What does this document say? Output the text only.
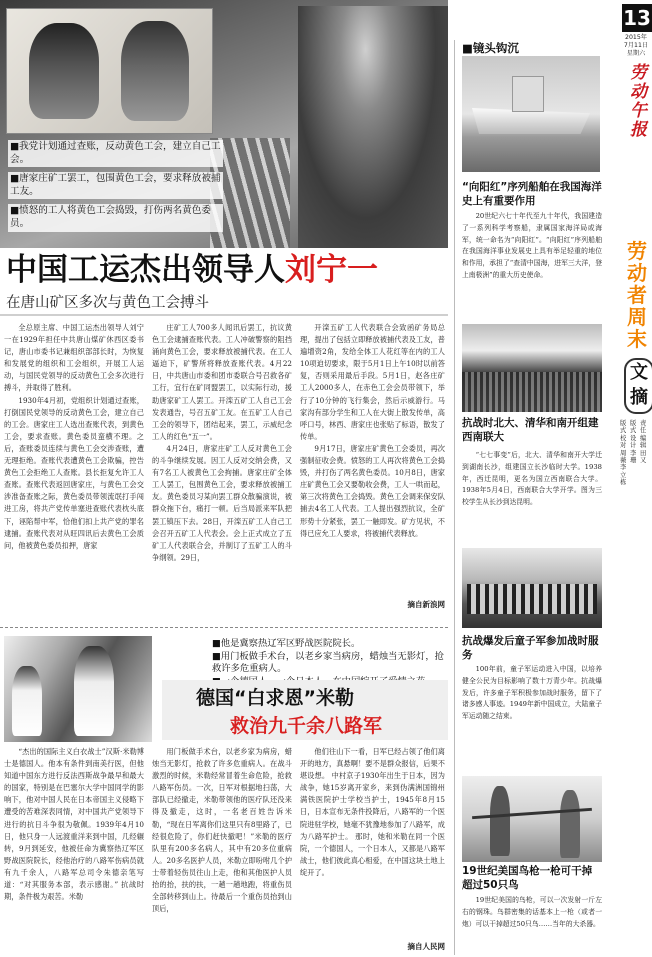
■我党计划通过查账，反动黄色工会，建立自己工会。
■唐家庄矿工罢工，包围黄色工会，要求释放被捕工友。
■愤怒的工人将黄色工会捣毁，打伤两名黄色委员。
中国工运杰出领导人刘宁一
在唐山矿区多次与黄色工会搏斗

全总原主席、中国工运杰出领导人刘宁一在1929年担任中共唐山煤矿休西区委书记，唐山市委书记兼组织部部长时，为恢复和发展党的组织和工会组织，开展工人运动，与国民党领导的反动黄色工会多次进行搏斗，并取得了胜利。

1930年4月初，党组织计划通过查账，打倒国民党领导的反动黄色工会，建立自己的工会。唐家庄工人选出查账代表，到黄色工会，要求查账。黄色委员蛮横不理。之后，查账委员连续与黄色工会交涉查账，遭无理拒绝。查账代表遭黄色工会欺骗，控告黄色工会拒绝工人查账。县长拒复允许工人查账。查账代表返回唐家庄，与黄色工会交涉准备查账之际，黄色委员带领流氓打手闯进工房，将共产党传单塞进查账代表枕头底下，诬陷帮中军，恰他们扣上共产党的罪名逮捕。查账代表对从旺四讯后去黄色工会质问，他被黄色委员扣押，唐家

庄矿工人700多人闻讯后罢工，抗议黄色工会逮捕查账代表。工人冲破警察的阻挡涌向黄色工会，要求释放被捕代表。在工人逼迫下，矿警所将释放查账代表。4月22日，中共唐山市委和团市委联合号召救各矿工行，宜行在矿同盟罢工，以实际行动，援助唐家矿工人罢工。开滦五矿工人自己工会发表通告，号召五矿工友。在五矿工人自己工会的领导下，团结起来，罢工，示威纪念工人的红色“五一”。

4月24日，唐家庄矿工人反对黄色工会的斗争继续发展。因工人反对交纳会费，又有7名工人被黄色工会拘捕。唐家庄矿全体工人罢工，包围黄色工会，要求释放被捕工友。黄色委员习某向罢工群众散骗演说，被群众拖下台，痛打一顿。后当局派来军队把罢工镇压下去。28日，开滦五矿工人自己工会召开五矿工人代表会。会上正式成立了五矿工人代表联合会，并制订了五矿工人的斗争纲领。29日，

开滦五矿工人代表联合会致函矿务局总理，提出了包括立即释放被捕代表及工友，普遍增资2角，发给全体工人花红等在内的工人10项迫切要求，限于5月1日上午10时以前答复，否则采用最后手段。5月1日，赵各庄矿工人2000多人，在赤色工会会员带领下，举行了10分钟的飞行集会，然后示威游行。马家沟有部分学生和工人在大街上散发传单，高呼口号，林西、唐家庄也张贴了标语，散发了传单。

9月17日，唐家庄矿黄色工会委员，再次强制征收会费。愤怒的工人再次将黄色工会捣毁，并打伤了两名黄色委员。10月8日，唐家庄矿黄色工会又要勒收会费，工人一哄而起，第三次将黄色工会捣毁。黄色工会调来保安队捕去4名工人代表。工人提出强烈抗议，全矿形势十分紧张，罢工一触即发。矿方见状，不得已应允工人要求，将被捕代表释放。

摘自新浪网
■他是冀察热辽军区野战医院院长。
■用门板做手术台，以老乡家当病房，蜡烛当无影灯，抢救许多危重病人。
德国“白求恩”米勒
救治九千余八路军

“杰出的国际主义白衣战士”汉斯·米勒博士是德国人。他本有条件到南美行医，但他知道中国东方进行反法西斯战争最早和最大的国家，特别是在巴塞尔大学中国同学的影响下，他对中国人民在日本帝国主义侵略下遭受的苦难深表同情，对中国共产党领导下进行的抗日斗争很为敬佩。1939年4月10日，他只身一人远渡重洋来到中国，几经辗转，9月到延安，他被任命为冀察热辽军区野战医院院长，经他治疗的八路军伤病员就有九千余人，八路军总司令朱德亲笔写道：“对其服务本部，表示感谢。” 抗战时期，条件极为艰苦。米勒

用门板做手术台，以老乡家为病房，蜡烛当无影灯，抢救了许多危重病人。在战斗激烈的时候，米勒经常冒着生命危险，抢救八路军伤员。一次，日军对根据地扫荡，大部队已经撤走，米勒带领他的医疗队还没来得及撤走，这时，一名老百姓告诉米勒，“现在日军离你们这里只有8里路了，已经很危险了，你们赶快撤吧！”米勒的医疗队里有200多名病人，其中有20多位重病人。20多名医护人员，米勒立即吩咐几个护士带着轻伤员往山上走，他和其他医护人员抬的抬，扶的扶，一趟一趟地跑，将重伤员全部转移到山上。待最后一个重伤员抬到山顶后，

他们往山下一看，日军已经占领了他们离开的地方，真悬啊！要不是群众报信，后果不堪设想。 中村京子1930年出生于日本，因为战争，她15岁离开家乡，来到伪满洲国锦州满铁医院护士学校当护士，1945年8月15日，日本宣布无条件投降后，八路军的一个医院进驻学校，她毫不犹豫地参加了八路军，成为八路军护士。 那时，她和米勒在同一个医院，一个德国人，一个日本人，又都是八路军战士，他们彼此真心相爱，在中国这块土地上绽开了。

摘自人民网
■镜头钩沉
“向阳红”序列船舶在我国海洋史上有重要作用

20世纪六七十年代至九十年代，我国建造了一系列科学考察船，隶属国家海洋局或海军，统一命名为“向阳红”。“向阳红”序列船舶在我国海洋事业发展史上具有举足轻重的地位和作用，承担了“查清中国海，进军三大洋，登上南极洲”的重大历史使命。

抗战时北大、清华和南开组建西南联大

“七七事变”后，北大、清华和南开大学迁到湖南长沙，组建国立长沙临时大学。1938年，西迁昆明，更名为国立西南联合大学。1938年5月4日，西南联合大学开学。图为三校学生从长沙到达昆明。

抗战爆发后童子军参加战时服务

100年前，童子军运动进入中国，以培养健全公民为目标影响了数十万青少年。抗战爆发后，许多童子军积极参加战时服务，留下了诸多感人事迹。1949年新中国成立，大陆童子军运动随之结束。

19世纪美国鸟枪一枪可干掉超过50只鸟

19世纪美国的鸟枪，可以一次发射一斤左右的钢珠。鸟群密集的话基本上一枪（或者一炮）可以干掉超过50只鸟……当年的大杀器。

13
2015年
7月11日
星期六
劳动午报
劳动者周末
文摘
责任编辑 田又
版式设计 李珊
版式校对 周薇 李立栋
